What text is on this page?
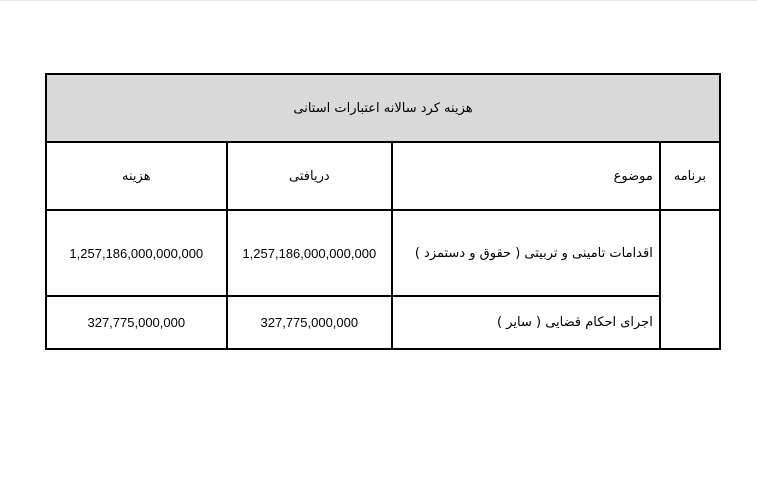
هزینه کرد سالانه اعتبارات استانی			
برنامه	موضوع	دریافتی	هزینه
	اقدامات تامینی و تربیتی ( حقوق و دستمزد )	1,257,186,000,000,000	1,257,186,000,000,000
	اجرای احکام قضایی ( سایر )	327,775,000,000	327,775,000,000
